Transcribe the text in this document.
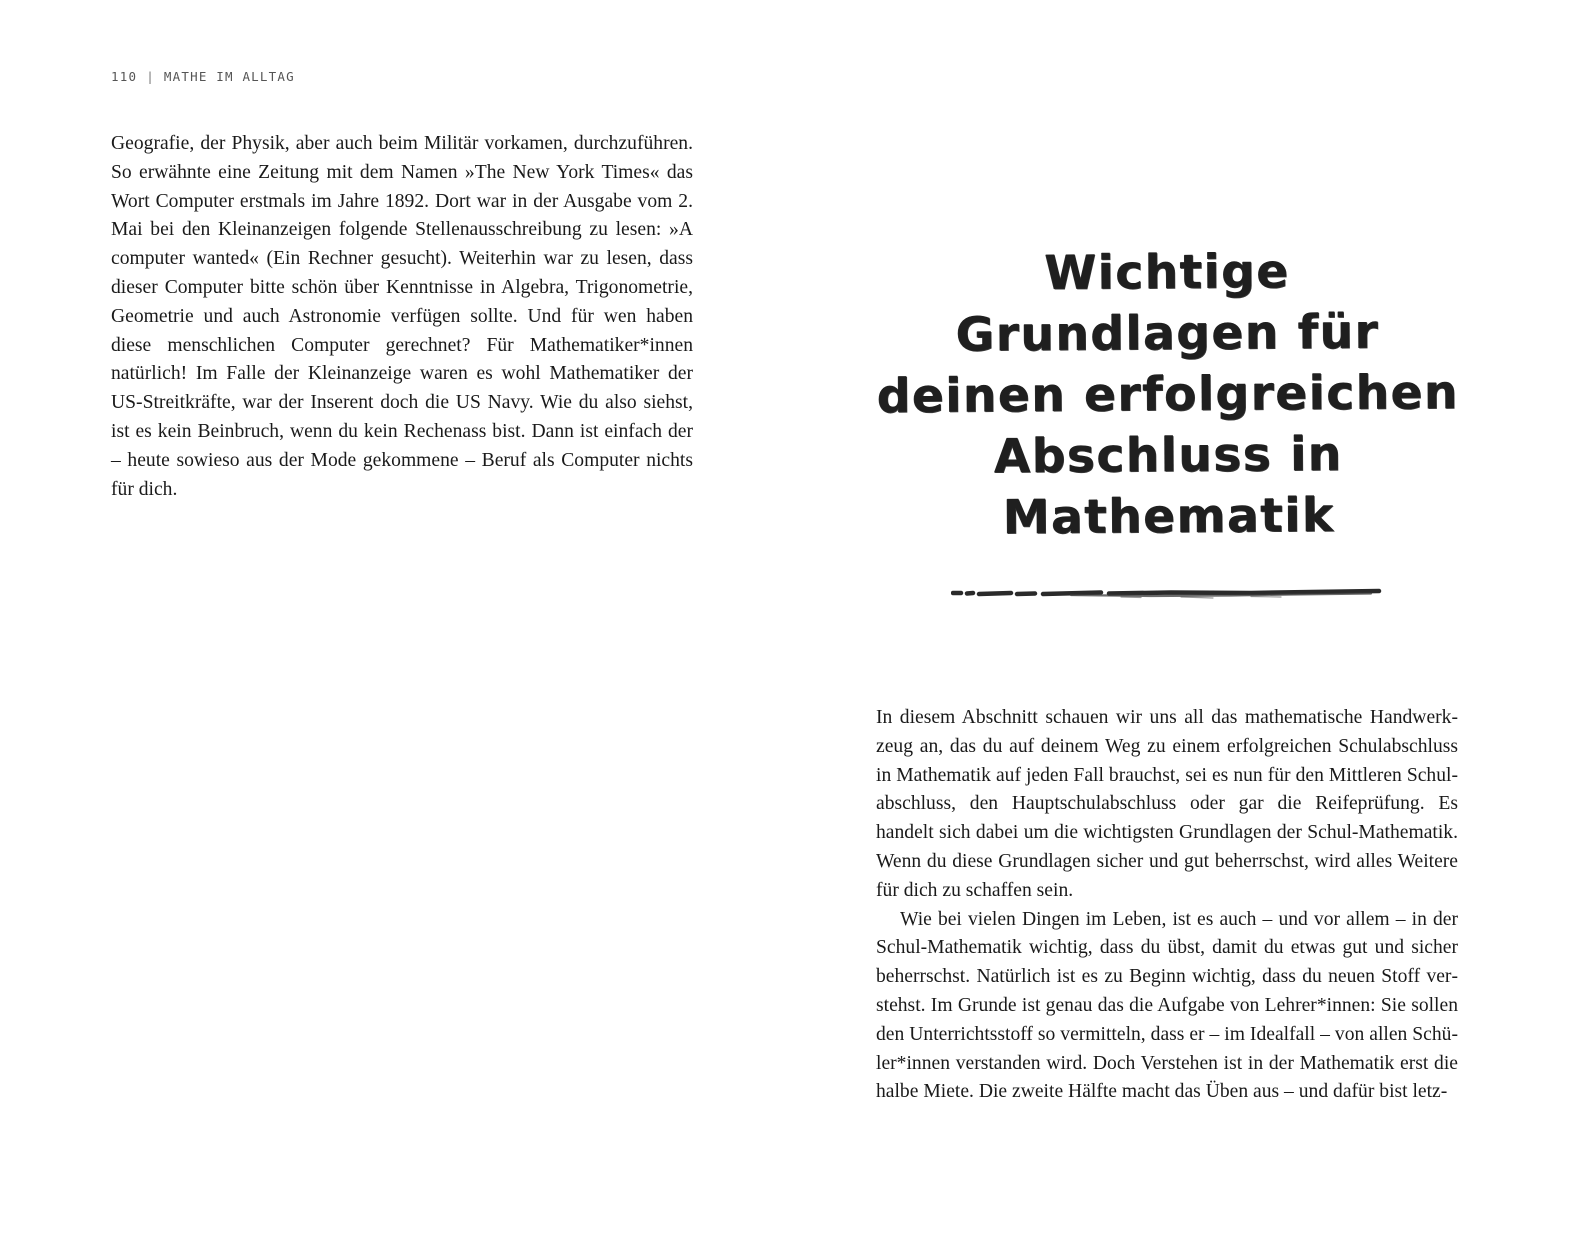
110 | MATHE IM ALLTAG

Geografie, der Physik, aber auch beim Militär vorkamen, durchzuführen. So erwähnte eine Zeitung mit dem Namen »The New York Times« das Wort Computer erstmals im Jahre 1892. Dort war in der Ausgabe vom 2. Mai bei den Kleinanzeigen folgende Stellenausschreibung zu lesen: »A computer wanted« (Ein Rechner gesucht). Weiterhin war zu lesen, dass dieser Computer bitte schön über Kenntnisse in Algebra, Trigonometrie, Geometrie und auch Astronomie verfügen sollte. Und für wen haben diese menschlichen Computer gerechnet? Für Mathematiker*innen natürlich! Im Falle der Kleinanzeige waren es wohl Mathematiker der US-Streitkräfte, war der Inserent doch die US Navy. Wie du also siehst, ist es kein Beinbruch, wenn du kein Rechenass bist. Dann ist einfach der – heute sowieso aus der Mode gekommene – Beruf als Computer nichts für dich.

Wichtige
Grundlagen für
deinen erfolgreichen
Abschluss in
Mathematik

In diesem Abschnitt schauen wir uns all das mathematische Handwerkzeug an, das du auf deinem Weg zu einem erfolgreichen Schulabschluss in Mathematik auf jeden Fall brauchst, sei es nun für den Mittleren Schulabschluss, den Hauptschulabschluss oder gar die Reifeprüfung. Es handelt sich dabei um die wichtigsten Grundlagen der Schul-Mathematik. Wenn du diese Grundlagen sicher und gut beherrschst, wird alles Weitere für dich zu schaffen sein.

Wie bei vielen Dingen im Leben, ist es auch – und vor allem – in der Schul-Mathematik wichtig, dass du übst, damit du etwas gut und sicher beherrschst. Natürlich ist es zu Beginn wichtig, dass du neuen Stoff verstehst. Im Grunde ist genau das die Aufgabe von Lehrer*innen: Sie sollen den Unterrichtsstoff so vermitteln, dass er – im Idealfall – von allen Schüler*innen verstanden wird. Doch Verstehen ist in der Mathematik erst die halbe Miete. Die zweite Hälfte macht das Üben aus – und dafür bist letz-
